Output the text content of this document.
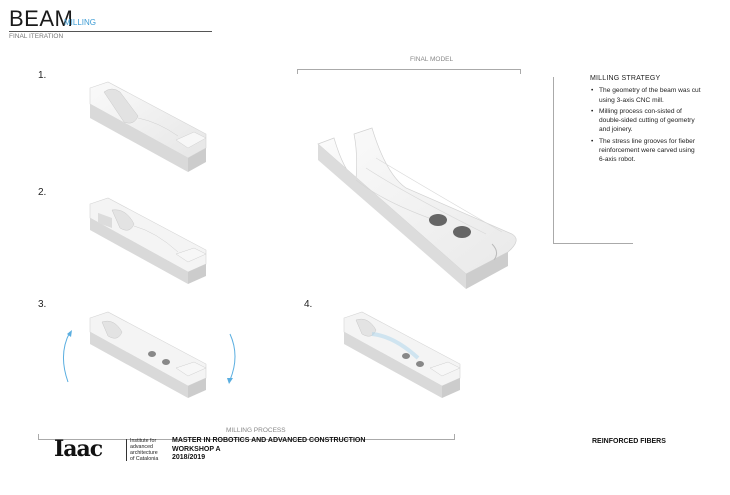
BEAM
MILLING
FINAL ITERATION
1.
2.
3.	4.
FINAL MODEL
MILLING STRATEGY
• The geometry of the beam was cut using 3-axis CNC mill.
• Milling process con-sisted of double-sided cutting of geometry and joinery.
• The stress line grooves for fieber reinforcement were carved using 6-axis robot.
MILLING PROCESS
Iaac	Institute for
advanced
architecture
of Catalonia
MASTER IN ROBOTICS AND ADVANCED CONSTRUCTION
WORKSHOP A
2018/2019
REINFORCED FIBERS
